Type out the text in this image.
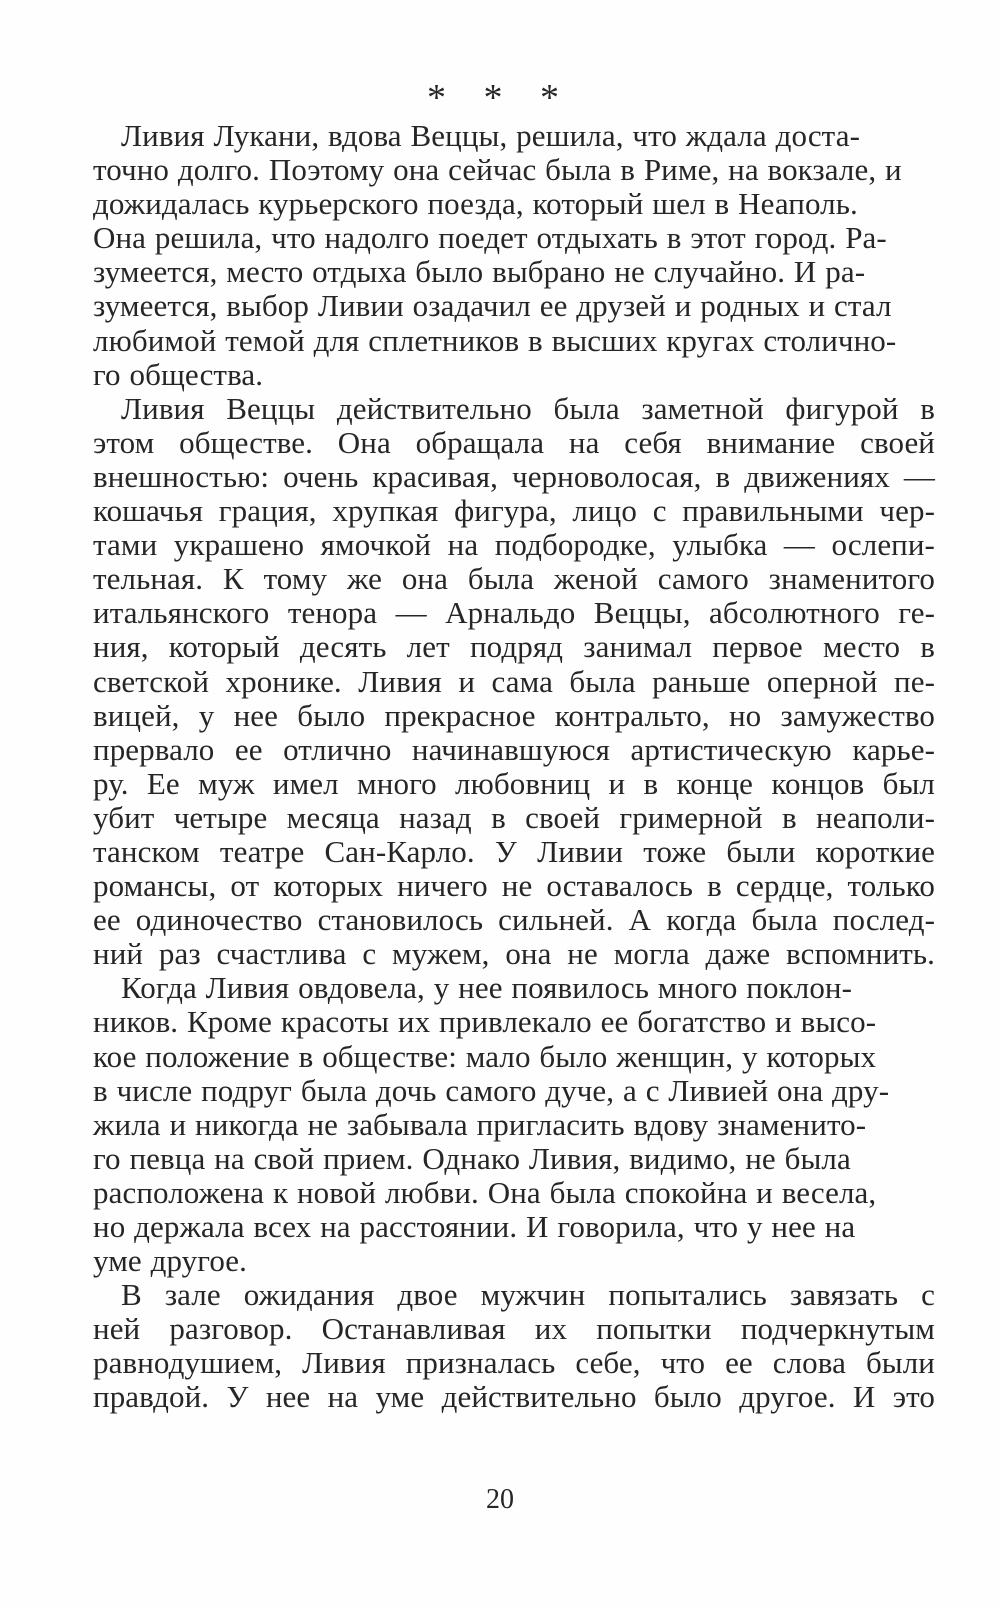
* * *

Ливия Лукани, вдова Веццы, решила, что ждала доста-
точно долго. Поэтому она сейчас была в Риме, на вокзале, и
дожидалась курьерского поезда, который шел в Неаполь.
Она решила, что надолго поедет отдыхать в этот город. Ра-
зумеется, место отдыха было выбрано не случайно. И ра-
зумеется, выбор Ливии озадачил ее друзей и родных и стал
любимой темой для сплетников в высших кругах столично-
го общества.

Ливия Веццы действительно была заметной фигурой в
этом обществе. Она обращала на себя внимание своей
внешностью: очень красивая, черноволосая, в движениях —
кошачья грация, хрупкая фигура, лицо с правильными чер-
тами украшено ямочкой на подбородке, улыбка — ослепи-
тельная. К тому же она была женой самого знаменитого
итальянского тенора — Арнальдо Веццы, абсолютного ге-
ния, который десять лет подряд занимал первое место в
светской хронике. Ливия и сама была раньше оперной пе-
вицей, у нее было прекрасное контральто, но замужество
прервало ее отлично начинавшуюся артистическую карье-
ру. Ее муж имел много любовниц и в конце концов был
убит четыре месяца назад в своей гримерной в неаполи-
танском театре Сан-Карло. У Ливии тоже были короткие
романсы, от которых ничего не оставалось в сердце, только
ее одиночество становилось сильней. А когда была послед-
ний раз счастлива с мужем, она не могла даже вспомнить.

Когда Ливия овдовела, у нее появилось много поклон-
ников. Кроме красоты их привлекало ее богатство и высо-
кое положение в обществе: мало было женщин, у которых
в числе подруг была дочь самого дуче, а с Ливией она дру-
жила и никогда не забывала пригласить вдову знаменито-
го певца на свой прием. Однако Ливия, видимо, не была
расположена к новой любви. Она была спокойна и весела,
но держала всех на расстоянии. И говорила, что у нее на
уме другое.

В зале ожидания двое мужчин попытались завязать с
ней разговор. Останавливая их попытки подчеркнутым
равнодушием, Ливия призналась себе, что ее слова были
правдой. У нее на уме действительно было другое. И это

20
